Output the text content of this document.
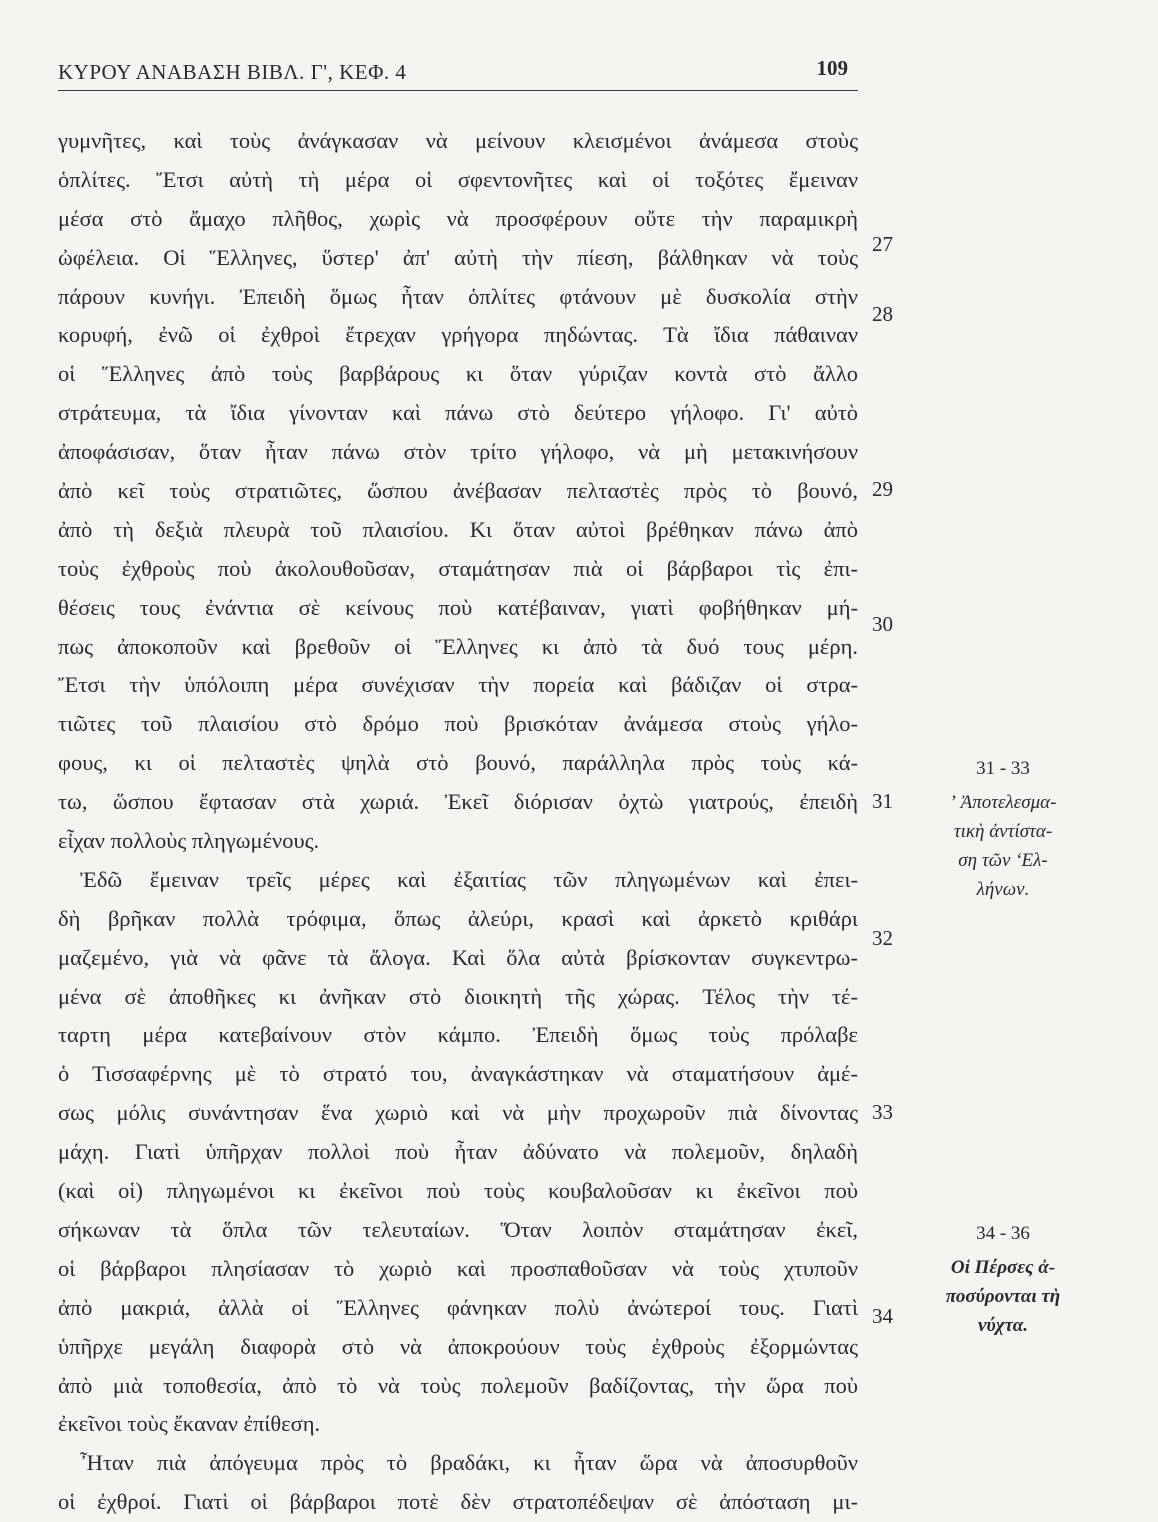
ΚΥΡΟΥ ΑΝΑΒΑΣΗ ΒΙΒΛ. Γ', ΚΕΦ. 4	109
γυμνῆτες, καὶ τοὺς ἀνάγκασαν νὰ μείνουν κλεισμένοι ἀνάμεσα στοὺς
ὁπλίτες. Ἔτσι αὐτὴ τὴ μέρα οἱ σφεντονῆτες καὶ οἱ τοξότες ἔμειναν
μέσα στὸ ἄμαχο πλῆθος, χωρὶς νὰ προσφέρουν οὔτε τὴν παραμικρὴ
ὠφέλεια. Οἱ Ἕλληνες, ὕστερ' ἀπ' αὐτὴ τὴν πίεση, βάλθηκαν νὰ τοὺς
πάρουν κυνήγι. Ἐπειδὴ ὅμως ἦταν ὁπλίτες φτάνουν μὲ δυσκολία στὴν
κορυφή, ἐνῶ οἱ ἐχθροὶ ἔτρεχαν γρήγορα πηδώντας. Τὰ ἴδια πάθαιναν
οἱ Ἕλληνες ἀπὸ τοὺς βαρβάρους κι ὅταν γύριζαν κοντὰ στὸ ἄλλο
στράτευμα, τὰ ἴδια γίνονταν καὶ πάνω στὸ δεύτερο γήλοφο. Γι' αὐτὸ
ἀποφάσισαν, ὅταν ἦταν πάνω στὸν τρίτο γήλοφο, νὰ μὴ μετακινήσουν
ἀπὸ κεῖ τοὺς στρατιῶτες, ὥσπου ἀνέβασαν πελταστὲς πρὸς τὸ βουνό,
ἀπὸ τὴ δεξιὰ πλευρὰ τοῦ πλαισίου. Κι ὅταν αὐτοὶ βρέθηκαν πάνω ἀπὸ
τοὺς ἐχθροὺς ποὺ ἀκολουθοῦσαν, σταμάτησαν πιὰ οἱ βάρβαροι τὶς ἐπι-
θέσεις τους ἐνάντια σὲ κείνους ποὺ κατέβαιναν, γιατὶ φοβήθηκαν μή-
πως ἀποκοποῦν καὶ βρεθοῦν οἱ Ἕλληνες κι ἀπὸ τὰ δυό τους μέρη.
Ἔτσι τὴν ὑπόλοιπη μέρα συνέχισαν τὴν πορεία καὶ βάδιζαν οἱ στρα-
τιῶτες τοῦ πλαισίου στὸ δρόμο ποὺ βρισκόταν ἀνάμεσα στοὺς γήλο-
φους, κι οἱ πελταστὲς ψηλὰ στὸ βουνό, παράλληλα πρὸς τοὺς κά-
τω, ὥσπου ἔφτασαν στὰ χωριά. Ἐκεῖ διόρισαν ὀχτὼ γιατρούς, ἐπειδὴ
εἶχαν πολλοὺς πληγωμένους.
Ἐδῶ ἔμειναν τρεῖς μέρες καὶ ἐξαιτίας τῶν πληγωμένων καὶ ἐπει-
δὴ βρῆκαν πολλὰ τρόφιμα, ὅπως ἀλεύρι, κρασὶ καὶ ἀρκετὸ κριθάρι
μαζεμένο, γιὰ νὰ φᾶνε τὰ ἄλογα. Καὶ ὅλα αὐτὰ βρίσκονταν συγκεντρω-
μένα σὲ ἀποθῆκες κι ἀνῆκαν στὸ διοικητὴ τῆς χώρας. Τέλος τὴν τέ-
ταρτη μέρα κατεβαίνουν στὸν κάμπο. Ἐπειδὴ ὅμως τοὺς πρόλαβε
ὁ Τισσαφέρνης μὲ τὸ στρατό του, ἀναγκάστηκαν νὰ σταματήσουν ἀμέ-
σως μόλις συνάντησαν ἕνα χωριὸ καὶ νὰ μὴν προχωροῦν πιὰ δίνοντας
μάχη. Γιατὶ ὑπῆρχαν πολλοὶ ποὺ ἦταν ἀδύνατο νὰ πολεμοῦν, δηλαδὴ
(καὶ οἱ) πληγωμένοι κι ἐκεῖνοι ποὺ τοὺς κουβαλοῦσαν κι ἐκεῖνοι ποὺ
σήκωναν τὰ ὅπλα τῶν τελευταίων. Ὅταν λοιπὸν σταμάτησαν ἐκεῖ,
οἱ βάρβαροι πλησίασαν τὸ χωριὸ καὶ προσπαθοῦσαν νὰ τοὺς χτυποῦν
ἀπὸ μακριά, ἀλλὰ οἱ Ἕλληνες φάνηκαν πολὺ ἀνώτεροί τους. Γιατὶ
ὑπῆρχε μεγάλη διαφορὰ στὸ νὰ ἀποκρούουν τοὺς ἐχθροὺς ἐξορμώντας
ἀπὸ μιὰ τοποθεσία, ἀπὸ τὸ νὰ τοὺς πολεμοῦν βαδίζοντας, τὴν ὥρα ποὺ
ἐκεῖνοι τοὺς ἔκαναν ἐπίθεση.
Ἦταν πιὰ ἀπόγευμα πρὸς τὸ βραδάκι, κι ἦταν ὥρα νὰ ἀποσυρθοῦν
οἱ ἐχθροί. Γιατὶ οἱ βάρβαροι ποτὲ δὲν στρατοπέδεψαν σὲ ἀπόσταση μι-
27
28
29
30
31
32
33
34
31 - 33
ʼ Ἀποτελεσμα-
τικὴ ἀντίστα-
ση τῶν ʻΕλ-
λήνων.
34 - 36
Οἱ Πέρσες ἀ-
ποσύρονται τὴ
νύχτα.
